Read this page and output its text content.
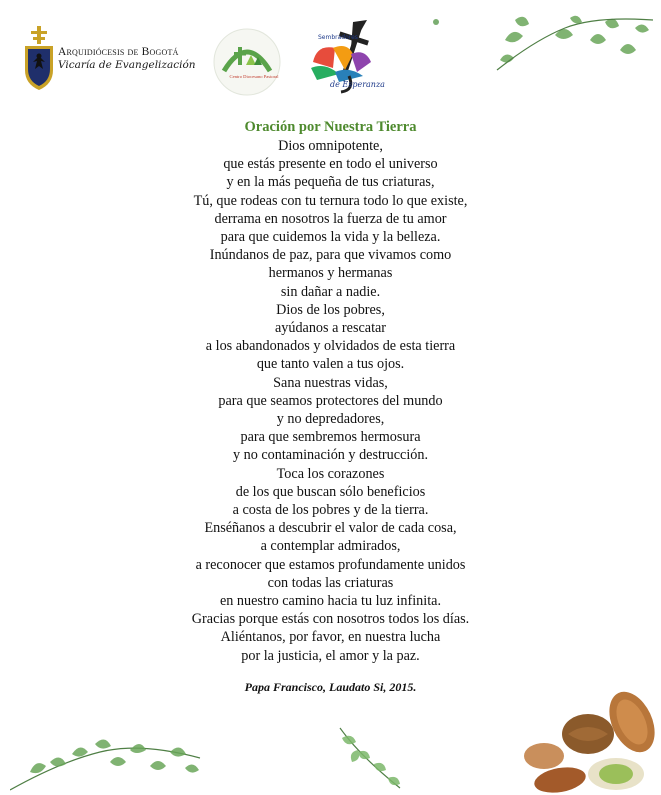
Arquidiócesis de Bogotá
Vicaría de Evangelización
Centro Diocesano Pastoral
Sembradores
de Esperanza
Oración por Nuestra Tierra
Dios omnipotente,
que estás presente en todo el universo
y en la más pequeña de tus criaturas,
Tú, que rodeas con tu ternura todo lo que existe,
derrama en nosotros la fuerza de tu amor
para que cuidemos la vida y la belleza.
Inúndanos de paz, para que vivamos como
hermanos y hermanas
sin dañar a nadie.
Dios de los pobres,
ayúdanos a rescatar
a los abandonados y olvidados de esta tierra
que tanto valen a tus ojos.
Sana nuestras vidas,
para que seamos protectores del mundo
y no depredadores,
para que sembremos hermosura
y no contaminación y destrucción.
Toca los corazones
de los que buscan sólo beneficios
a costa de los pobres y de la tierra.
Enséñanos a descubrir el valor de cada cosa,
a contemplar admirados,
a reconocer que estamos profundamente unidos
con todas las criaturas
en nuestro camino hacia tu luz infinita.
Gracias porque estás con nosotros todos los días.
Aliéntanos, por favor, en nuestra lucha
por la justicia, el amor y la paz.
Papa Francisco, Laudato Si, 2015.
